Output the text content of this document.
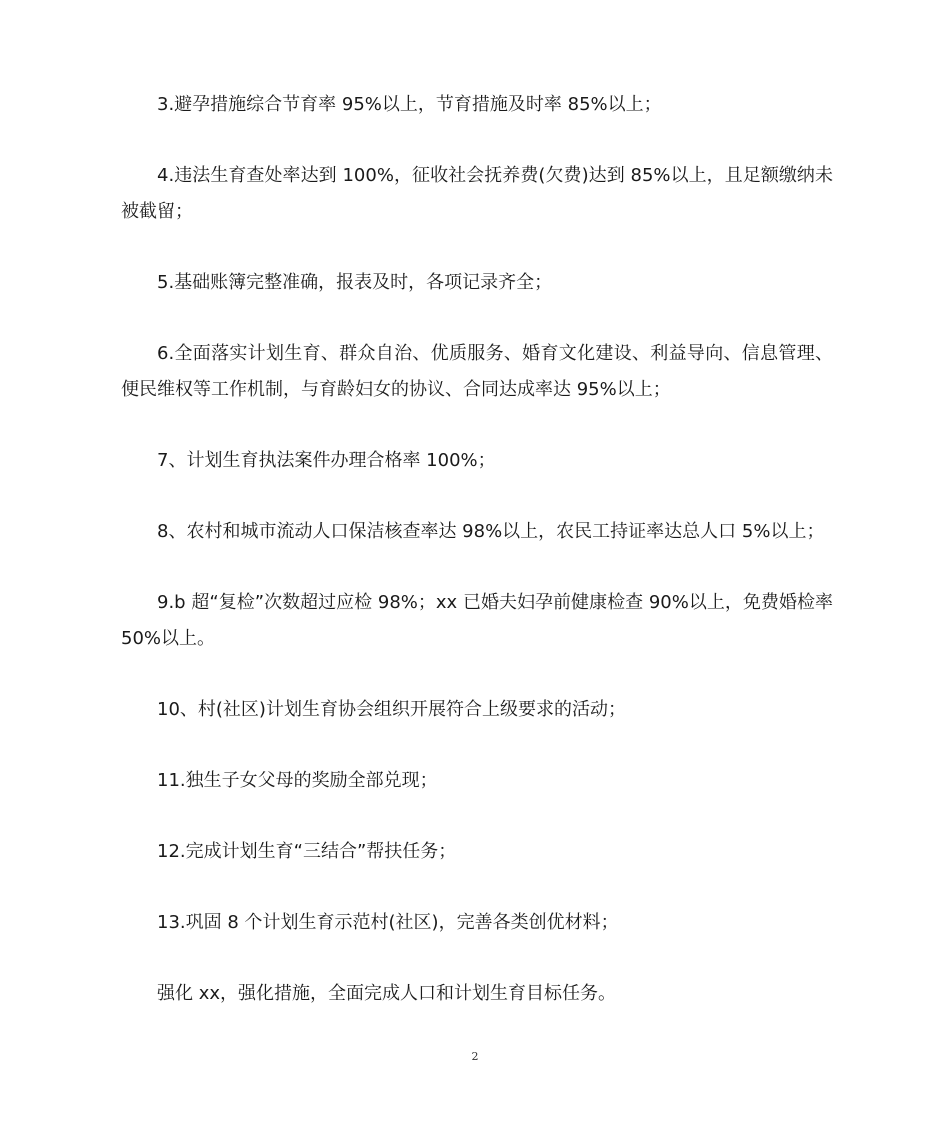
3.避孕措施综合节育率 95%以上，节育措施及时率 85%以上；

4.违法生育查处率达到 100%，征收社会抚养费(欠费)达到 85%以上，且足额缴纳未被截留；

5.基础账簿完整准确，报表及时，各项记录齐全；

6.全面落实计划生育、群众自治、优质服务、婚育文化建设、利益导向、信息管理、便民维权等工作机制，与育龄妇女的协议、合同达成率达 95%以上；

7、计划生育执法案件办理合格率 100%；

8、农村和城市流动人口保洁核查率达 98%以上，农民工持证率达总人口 5%以上；

9.b 超“复检”次数超过应检 98%；xx 已婚夫妇孕前健康检查 90%以上，免费婚检率 50%以上。

10、村(社区)计划生育协会组织开展符合上级要求的活动；

11.独生子女父母的奖励全部兑现；

12.完成计划生育“三结合”帮扶任务；

13.巩固 8 个计划生育示范村(社区)，完善各类创优材料；

强化 xx，强化措施，全面完成人口和计划生育目标任务。

2
